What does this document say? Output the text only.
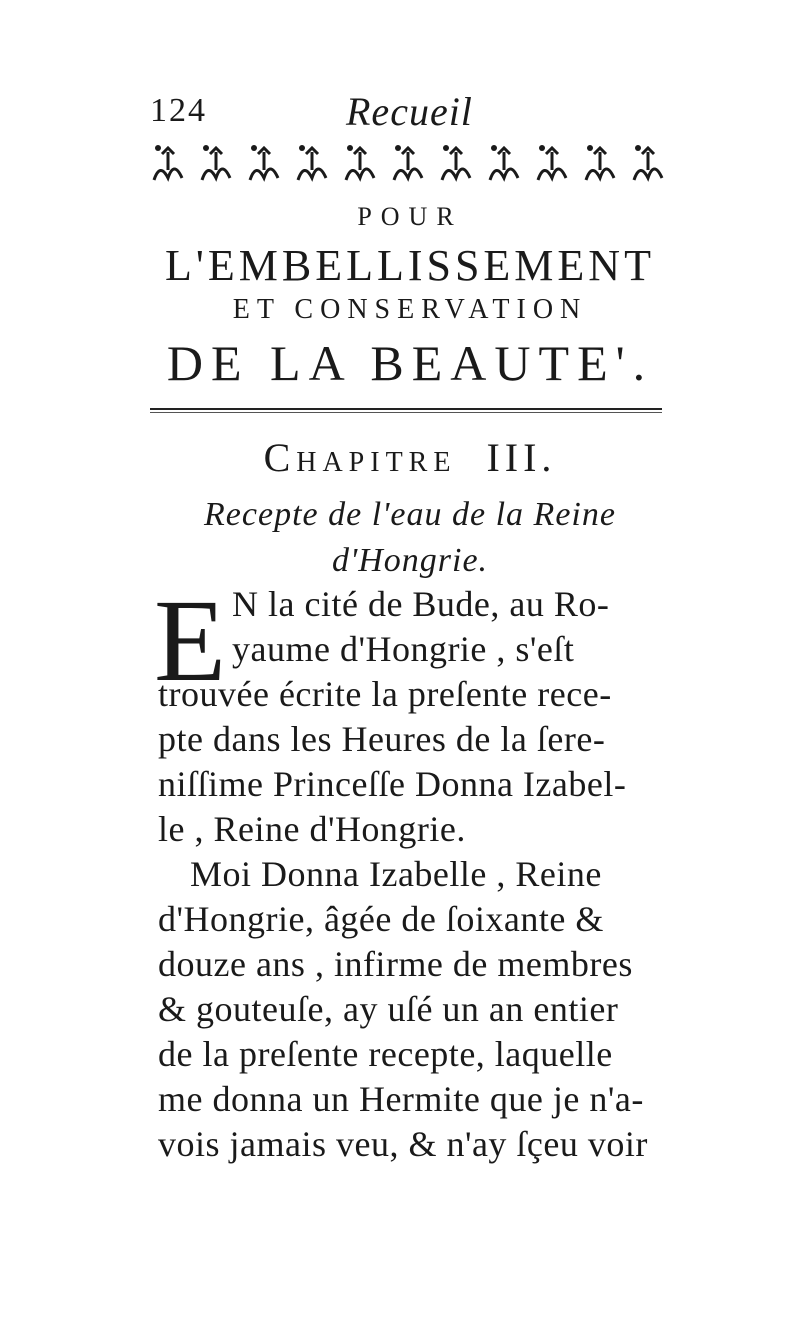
124	Recueil
POUR
L'EMBELLISSEMENT
ET CONSERVATION
DE LA BEAUTE'.
Chapitre III.
Recepte de l'eau de la Reine
d'Hongrie.
E N la cité de Bude, au Ro-
yaume d'Hongrie , s'eſt
trouvée écrite la preſente rece-
pte dans les Heures de la ſere-
niſſime Princeſſe Donna Izabel-
le , Reine d'Hongrie.
Moi Donna Izabelle , Reine
d'Hongrie, âgée de ſoixante &
douze ans , infirme de membres
& gouteuſe, ay uſé un an entier
de la preſente recepte, laquelle
me donna un Hermite que je n'a-
vois jamais veu, & n'ay ſçeu voir
